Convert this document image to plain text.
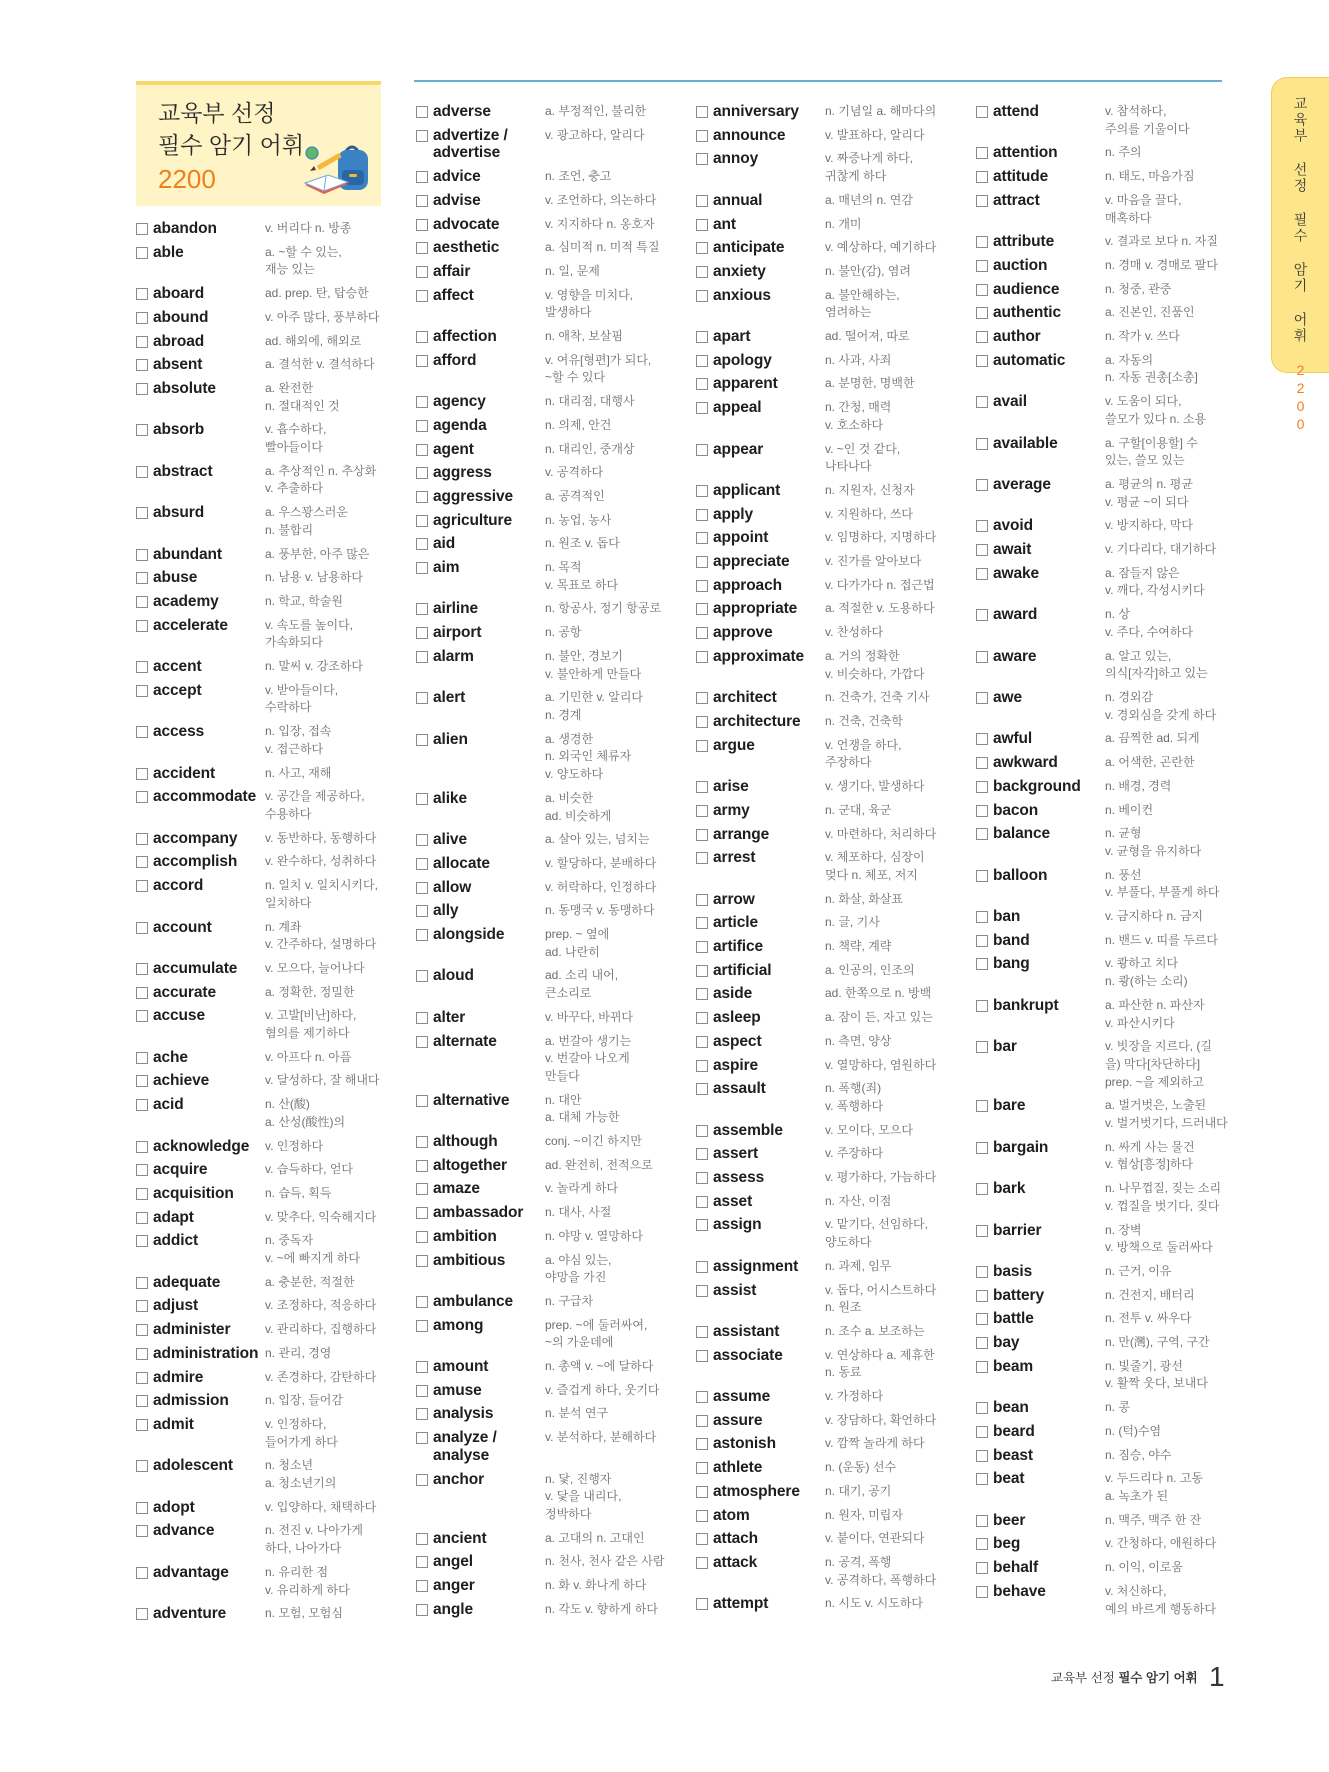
교육부 선정
필수 암기 어휘
2200
abandon	v. 버리다 n. 방종
able	a. ~할 수 있는,
재능 있는
aboard	ad. prep. 탄, 탑승한
abound	v. 아주 많다, 풍부하다
abroad	ad. 해외에, 해외로
absent	a. 결석한 v. 결석하다
absolute	a. 완전한
n. 절대적인 것
absorb	v. 흡수하다,
빨아들이다
abstract	a. 추상적인 n. 추상화
v. 추출하다
absurd	a. 우스꽝스러운
n. 불합리
abundant	a. 풍부한, 아주 많은
abuse	n. 남용 v. 남용하다
academy	n. 학교, 학술원
accelerate	v. 속도를 높이다,
가속화되다
accent	n. 말씨 v. 강조하다
accept	v. 받아들이다,
수락하다
access	n. 입장, 접속
v. 접근하다
accident	n. 사고, 재해
accommodate v. 공간을 제공하다,
수용하다
accompany	v. 동반하다, 동행하다
accomplish	v. 완수하다, 성취하다
accord	n. 일치 v. 일치시키다,
일치하다
account	n. 계좌
v. 간주하다, 설명하다
accumulate	v. 모으다, 늘어나다
accurate	a. 정확한, 정밀한
accuse	v. 고발[비난]하다,
혐의를 제기하다
ache	v. 아프다 n. 아픔
achieve	v. 달성하다, 잘 해내다
acid	n. 산(酸)
a. 산성(酸性)의
acknowledge	v. 인정하다
acquire	v. 습득하다, 얻다
acquisition	n. 습득, 획득
adapt	v. 맞추다, 익숙해지다
addict	n. 중독자
v. ~에 빠지게 하다
adequate	a. 충분한, 적절한
adjust	v. 조정하다, 적응하다
administer	v. 관리하다, 집행하다
administration n. 관리, 경영
admire	v. 존경하다, 감탄하다
admission	n. 입장, 들어감
admit	v. 인정하다,
들어가게 하다
adolescent	n. 청소년
a. 청소년기의
adopt	v. 입양하다, 채택하다
advance	n. 전진 v. 나아가게
하다, 나아가다
advantage	n. 유리한 점
v. 유리하게 하다
adventure	n. 모험, 모험심
adverse	a. 부정적인, 불리한
advertize / advertise
v. 광고하다, 알리다
advice	n. 조언, 충고
advise	v. 조언하다, 의논하다
advocate	v. 지지하다 n. 옹호자
aesthetic	a. 심미적 n. 미적 특질
affair	n. 일, 문제
affect	v. 영향을 미치다,
발생하다
affection	n. 애착, 보살핌
afford	v. 여유[형편]가 되다,
~할 수 있다
agency	n. 대리점, 대행사
agenda	n. 의제, 안건
agent	n. 대리인, 중개상
aggress	v. 공격하다
aggressive	a. 공격적인
agriculture	n. 농업, 농사
aid	n. 원조 v. 돕다
aim	n. 목적
v. 목표로 하다
airline	n. 항공사, 정기 항공로
airport	n. 공항
alarm	n. 불안, 경보기
v. 불안하게 만들다
alert	a. 기민한 v. 알리다
n. 경계
alien	a. 생경한
n. 외국인 체류자
v. 양도하다
alike	a. 비슷한
ad. 비슷하게
alive	a. 살아 있는, 넘치는
allocate	v. 할당하다, 분배하다
allow	v. 허락하다, 인정하다
ally	n. 동맹국 v. 동맹하다
alongside	prep. ~ 옆에
ad. 나란히
aloud	ad. 소리 내어,
큰소리로
alter	v. 바꾸다, 바뀌다
alternate	a. 번갈아 생기는
v. 번갈아 나오게
만들다
alternative	n. 대안
a. 대체 가능한
although	conj. ~이긴 하지만
altogether	ad. 완전히, 전적으로
amaze	v. 놀라게 하다
ambassador	n. 대사, 사절
ambition	n. 야망 v. 열망하다
ambitious	a. 야심 있는,
야망을 가진
ambulance	n. 구급차
among	prep. ~에 둘러싸여,
~의 가운데에
amount	n. 총액 v. ~에 달하다
amuse	v. 즐겁게 하다, 웃기다
analysis	n. 분석 연구
analyze / analyse
v. 분석하다, 분해하다
anchor	n. 닻, 진행자
v. 닻을 내리다,
정박하다
ancient	a. 고대의 n. 고대인
angel	n. 천사, 천사 같은 사람
anger	n. 화 v. 화나게 하다
angle	n. 각도 v. 향하게 하다
anniversary	n. 기념일 a. 해마다의
announce	v. 발표하다, 알리다
annoy	v. 짜증나게 하다,
귀찮게 하다
annual	a. 매년의 n. 연감
ant	n. 개미
anticipate	v. 예상하다, 예기하다
anxiety	n. 불안(감), 염려
anxious	a. 불안해하는,
염려하는
apart	ad. 떨어져, 따로
apology	n. 사과, 사죄
apparent	a. 분명한, 명백한
appeal	n. 간청, 매력
v. 호소하다
appear	v. ~인 것 같다,
나타나다
applicant	n. 지원자, 신청자
apply	v. 지원하다, 쓰다
appoint	v. 임명하다, 지명하다
appreciate	v. 진가를 알아보다
approach	v. 다가가다 n. 접근법
appropriate	a. 적절한 v. 도용하다
approve	v. 찬성하다
approximate	a. 거의 정확한
v. 비슷하다, 가깝다
architect	n. 건축가, 건축 기사
architecture	n. 건축, 건축학
argue	v. 언쟁을 하다,
주장하다
arise	v. 생기다, 발생하다
army	n. 군대, 육군
arrange	v. 마련하다, 처리하다
arrest	v. 체포하다, 심장이
멎다 n. 체포, 저지
arrow	n. 화살, 화살표
article	n. 글, 기사
artifice	n. 책략, 계략
artificial	a. 인공의, 인조의
aside	ad. 한쪽으로 n. 방백
asleep	a. 잠이 든, 자고 있는
aspect	n. 측면, 양상
aspire	v. 열망하다, 염원하다
assault	n. 폭행(죄)
v. 폭행하다
assemble	v. 모이다, 모으다
assert	v. 주장하다
assess	v. 평가하다, 가늠하다
asset	n. 자산, 이점
assign	v. 맡기다, 선임하다,
양도하다
assignment	n. 과제, 임무
assist	v. 돕다, 어시스트하다
n. 원조
assistant	n. 조수 a. 보조하는
associate	v. 연상하다 a. 제휴한
n. 동료
assume	v. 가정하다
assure	v. 장담하다, 확언하다
astonish	v. 깜짝 놀라게 하다
athlete	n. (운동) 선수
atmosphere	n. 대기, 공기
atom	n. 원자, 미립자
attach	v. 붙이다, 연관되다
attack	n. 공격, 폭행
v. 공격하다, 폭행하다
attempt	n. 시도 v. 시도하다
attend	v. 참석하다,
주의를 기울이다
attention	n. 주의
attitude	n. 태도, 마음가짐
attract	v. 마음을 끌다,
매혹하다
attribute	v. 결과로 보다 n. 자질
auction	n. 경매 v. 경매로 팔다
audience	n. 청중, 관중
authentic	a. 진본인, 진품인
author	n. 작가 v. 쓰다
automatic	a. 자동의
n. 자동 권총[소총]
avail	v. 도움이 되다,
쓸모가 있다 n. 소용
available	a. 구할[이용할] 수
있는, 쓸모 있는
average	a. 평균의 n. 평균
v. 평균 ~이 되다
avoid	v. 방지하다, 막다
await	v. 기다리다, 대기하다
awake	a. 잠들지 않은
v. 깨다, 각성시키다
award	n. 상
v. 주다, 수여하다
aware	a. 알고 있는,
의식[자각]하고 있는
awe	n. 경외감
v. 경외심을 갖게 하다
awful	a. 끔찍한 ad. 되게
awkward	a. 어색한, 곤란한
background	n. 배경, 경력
bacon	n. 베이컨
balance	n. 균형
v. 균형을 유지하다
balloon	n. 풍선
v. 부풀다, 부풀게 하다
ban	v. 금지하다 n. 금지
band	n. 밴드 v. 띠를 두르다
bang	v. 쾅하고 치다
n. 쾅(하는 소리)
bankrupt	a. 파산한 n. 파산자
v. 파산시키다
bar	v. 빗장을 지르다, (길
을) 막다[차단하다]
prep. ~을 제외하고
bare	a. 벌거벗은, 노출된
v. 벌거벗기다, 드러내다
bargain	n. 싸게 사는 물건
v. 협상[흥정]하다
bark	n. 나무껍질, 짖는 소리
v. 껍질을 벗기다, 짖다
barrier	n. 장벽
v. 방책으로 둘러싸다
basis	n. 근거, 이유
battery	n. 건전지, 배터리
battle	n. 전투 v. 싸우다
bay	n. 만(灣), 구역, 구간
beam	n. 빛줄기, 광선
v. 활짝 웃다, 보내다
bean	n. 콩
beard	n. (턱)수염
beast	n. 짐승, 야수
beat	v. 두드리다 n. 고동
a. 녹초가 된
beer	n. 맥주, 맥주 한 잔
beg	v. 간청하다, 애원하다
behalf	n. 이익, 이로움
behave	v. 처신하다,
예의 바르게 행동하다
교육부 선정 필수 암기 어휘 2200
교육부 선정 필수 암기 어휘 1
